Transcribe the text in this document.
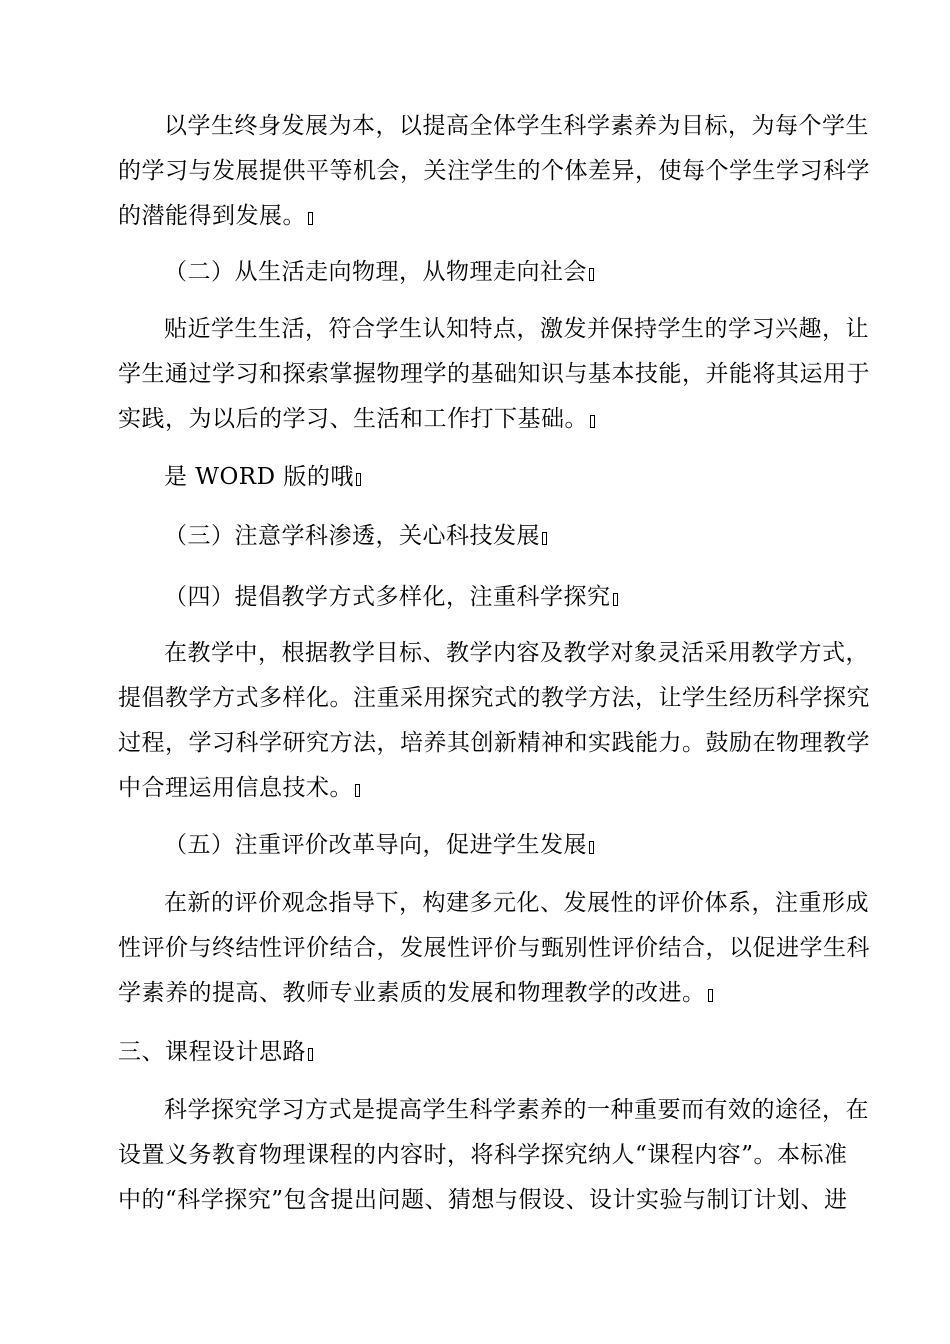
以学生终身发展为本，以提高全体学生科学素养为目标，为每个学生
的学习与发展提供平等机会，关注学生的个体差异，使每个学生学习科学
的潜能得到发展。

（二）从生活走向物理，从物理走向社会

贴近学生生活，符合学生认知特点，激发并保持学生的学习兴趣，让
学生通过学习和探索掌握物理学的基础知识与基本技能，并能将其运用于
实践，为以后的学习、生活和工作打下基础。

是 WORD 版的哦

（三）注意学科渗透，关心科技发展

（四）提倡教学方式多样化，注重科学探究

在教学中，根据教学目标、教学内容及教学对象灵活采用教学方式，
提倡教学方式多样化。注重采用探究式的教学方法，让学生经历科学探究
过程，学习科学研究方法，培养其创新精神和实践能力。鼓励在物理教学
中合理运用信息技术。

（五）注重评价改革导向，促进学生发展

在新的评价观念指导下，构建多元化、发展性的评价体系，注重形成
性评价与终结性评价结合，发展性评价与甄别性评价结合，以促进学生科
学素养的提高、教师专业素质的发展和物理教学的改进。

三、课程设计思路

科学探究学习方式是提高学生科学素养的一种重要而有效的途径，在
设置义务教育物理课程的内容时，将科学探究纳人“课程内容”。本标准
中的“科学探究”包含提出问题、猜想与假设、设计实验与制订计划、进
